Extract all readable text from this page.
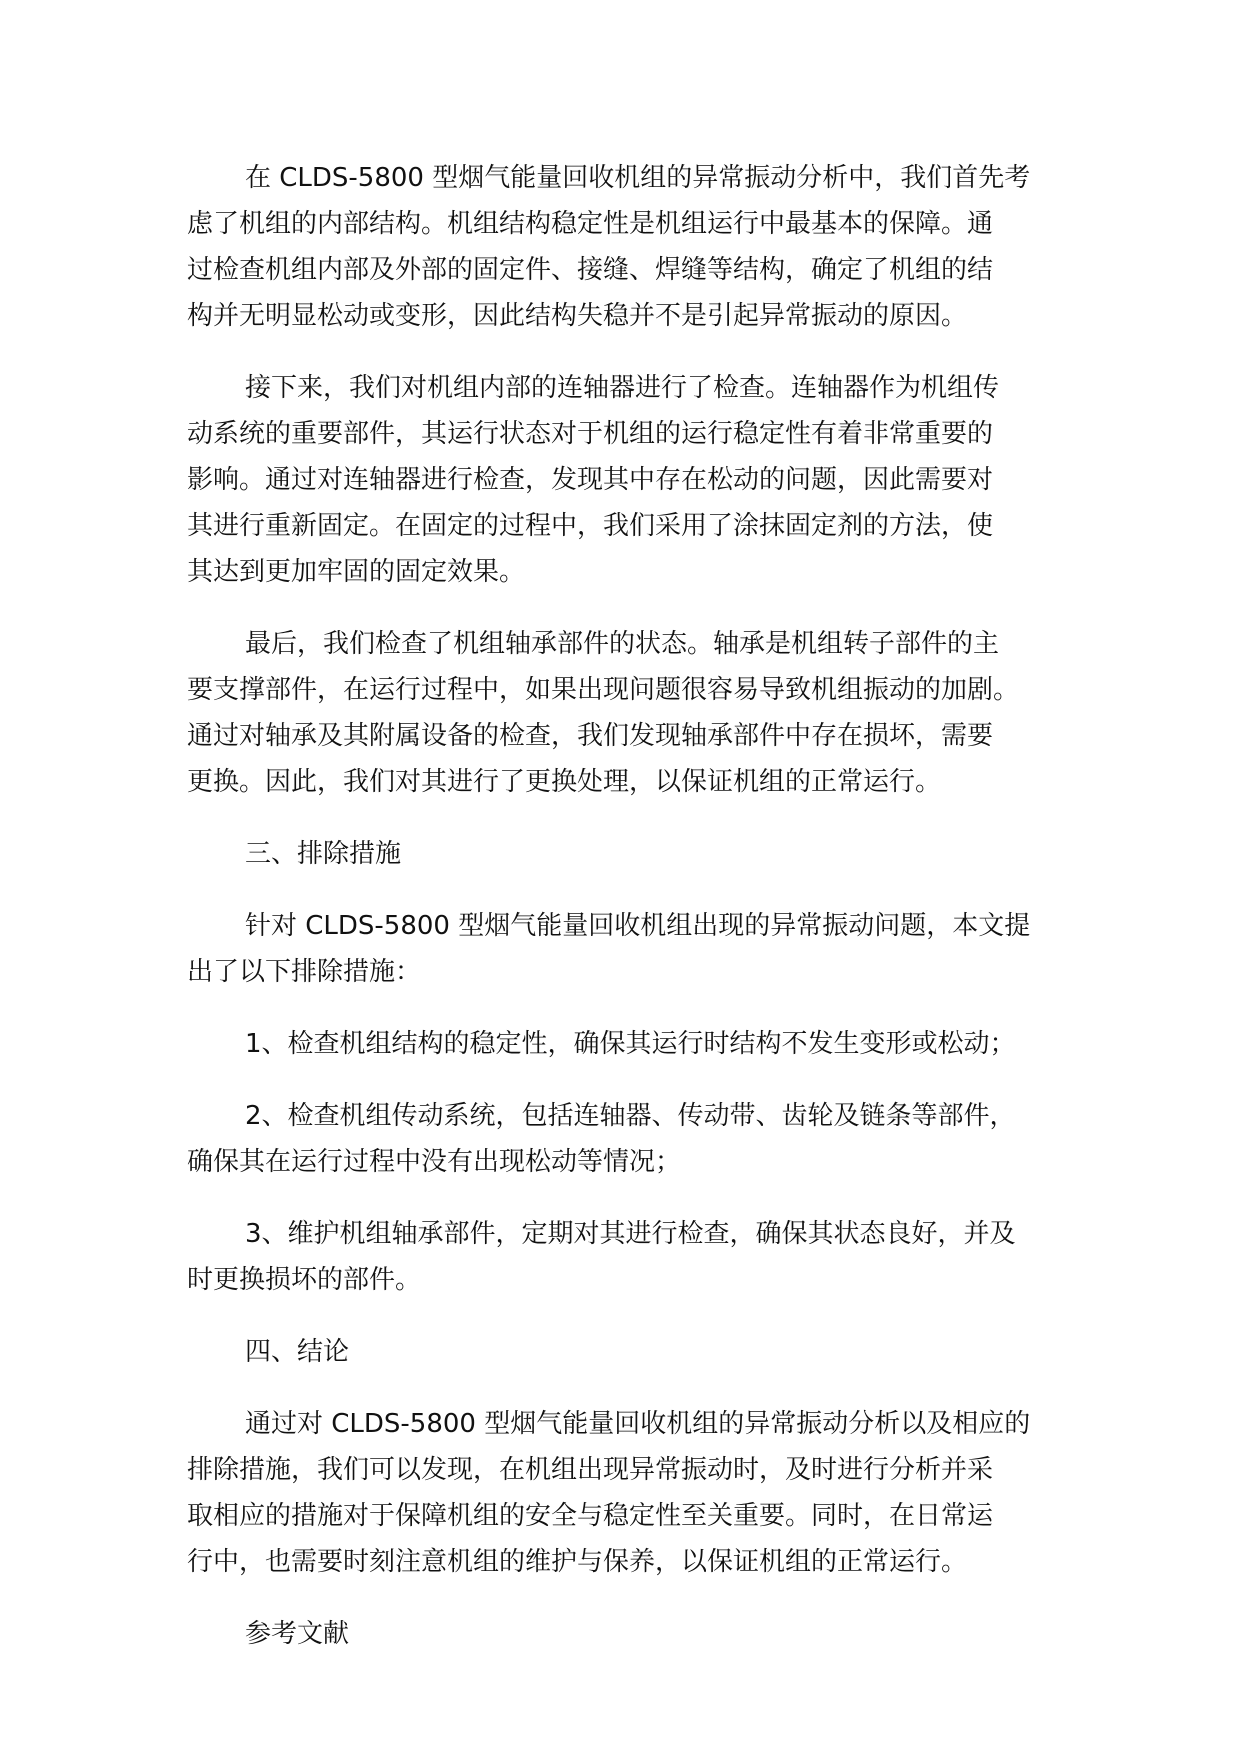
在 CLDS-5800 型烟气能量回收机组的异常振动分析中，我们首先考
虑了机组的内部结构。机组结构稳定性是机组运行中最基本的保障。通
过检查机组内部及外部的固定件、接缝、焊缝等结构，确定了机组的结
构并无明显松动或变形，因此结构失稳并不是引起异常振动的原因。
接下来，我们对机组内部的连轴器进行了检查。连轴器作为机组传
动系统的重要部件，其运行状态对于机组的运行稳定性有着非常重要的
影响。通过对连轴器进行检查，发现其中存在松动的问题，因此需要对
其进行重新固定。在固定的过程中，我们采用了涂抹固定剂的方法，使
其达到更加牢固的固定效果。
最后，我们检查了机组轴承部件的状态。轴承是机组转子部件的主
要支撑部件，在运行过程中，如果出现问题很容易导致机组振动的加剧。
通过对轴承及其附属设备的检查，我们发现轴承部件中存在损坏，需要
更换。因此，我们对其进行了更换处理，以保证机组的正常运行。
三、排除措施
针对 CLDS-5800 型烟气能量回收机组出现的异常振动问题，本文提
出了以下排除措施：
1、检查机组结构的稳定性，确保其运行时结构不发生变形或松动；
2、检查机组传动系统，包括连轴器、传动带、齿轮及链条等部件，
确保其在运行过程中没有出现松动等情况；
3、维护机组轴承部件，定期对其进行检查，确保其状态良好，并及
时更换损坏的部件。
四、结论
通过对 CLDS-5800 型烟气能量回收机组的异常振动分析以及相应的
排除措施，我们可以发现，在机组出现异常振动时，及时进行分析并采
取相应的措施对于保障机组的安全与稳定性至关重要。同时，在日常运
行中，也需要时刻注意机组的维护与保养，以保证机组的正常运行。
参考文献
